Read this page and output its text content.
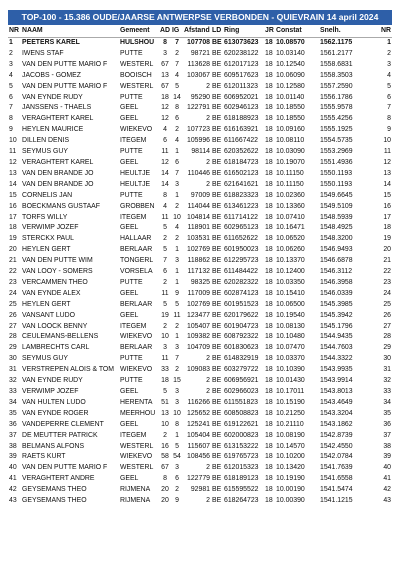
TOP-100 - 15.386 OUDE/JAARSE ANTWERPSE VERBONDEN - QUIEVRAIN 14 april 2024
NR	NAAM	Gemeent	AD	IG	Afstand	LD	Ring	JR	Constat	Snelh.	NR
1	PEETERS KAREL	HULSHOU	8	7	107708	BE	613073623	18	10.08570	1562.1175	1
2	IWENS STAF	PUTTE	3	2	98721	BE	620238122	18	10.03140	1561.2177	2
3	VAN DEN PUTTE MARIO F	WESTERL	67	7	113628	BE	612017123	18	10.12540	1558.6831	3
4	JACOBS - GOMEZ	BOOISCH	13	4	103067	BE	609517623	18	10.06090	1558.3503	4
5	VAN DEN PUTTE MARIO F	WESTERL	67	5	2	BE	612011323	18	10.12580	1557.2590	5
6	VAN EYNDE RUDY	PUTTE	18	14	95290	BE	606952021	18	10.01140	1556.1786	6
7	JANSSENS - THAELS	GEEL	12	8	122791	BE	602946123	18	10.18550	1555.9578	7
8	VERAGHTERT KAREL	GEEL	12	6	2	BE	618188923	18	10.18550	1555.4256	8
9	HEYLEN MAURICE	WIEKEVO	4	2	107723	BE	616163921	18	10.09160	1555.1925	9
10	DILLEN DENIS	ITEGEM	6	4	105996	BE	611667422	18	10.08110	1554.5735	10
11	SEYMUS GUY	PUTTE	11	1	98114	BE	620352622	18	10.03090	1553.2969	11
12	VERAGHTERT KAREL	GEEL	12	6	2	BE	618184723	18	10.19070	1551.4936	12
13	VAN DEN BRANDE JO	HEULTJE	14	7	110446	BE	616502123	18	10.11150	1550.1193	13
14	VAN DEN BRANDE JO	HEULTJE	14	3	2	BE	621641621	18	10.11150	1550.1193	14
15	CORNELIS JAN	PUTTE	8	1	97009	BE	618823323	18	10.02360	1549.6645	15
16	BOECKMANS GUSTAAF	GROBBEN	4	2	114044	BE	613461223	18	10.13360	1549.5109	16
17	TORFS WILLY	ITEGEM	11	10	104814	BE	611714122	18	10.07410	1548.5939	17
18	VERWIMP JOZEF	GEEL	5	4	118901	BE	602965123	18	10.16471	1548.4925	18
19	STERCKX PAUL	HALLAAR	2	2	103531	BE	611652622	18	10.06520	1548.3200	19
20	HEYLEN GERT	BERLAAR	5	1	102769	BE	601950023	18	10.06260	1546.9493	20
21	VAN DEN PUTTE WIM	TONGERL	7	3	118862	BE	612295723	18	10.13370	1546.6878	21
22	VAN LOOY - SOMERS	VORSELA	6	1	117132	BE	611484422	18	10.12400	1546.3112	22
23	VERCAMMEN THEO	PUTTE	2	1	98325	BE	620282322	18	10.03350	1546.3958	23
24	VAN EYNDE ALEX	GEEL	11	9	117009	BE	602874123	18	10.15410	1546.0339	24
25	HEYLEN GERT	BERLAAR	5	5	102769	BE	601951523	18	10.06500	1545.3985	25
26	VANSANT LUDO	GEEL	19	11	123477	BE	620179622	18	10.19540	1545.3942	26
27	VAN LOOCK BENNY	ITEGEM	2	2	105407	BE	601904723	18	10.08130	1545.1796	27
28	CEULEMANS-BELLENS	WIEKEVO	10	1	109382	BE	608792322	18	10.10480	1544.9435	28
29	LAMBRECHTS CARL	BERLAAR	3	3	104709	BE	601830623	18	10.07470	1544.7603	29
30	SEYMUS GUY	PUTTE	11	7	2	BE	614832919	18	10.03370	1544.3322	30
31	VERSTREPEN ALOIS & TOM	WIEKEVO	33	2	109083	BE	603279722	18	10.10390	1543.9935	31
32	VAN EYNDE RUDY	PUTTE	18	15	2	BE	606956921	18	10.01430	1543.9914	32
33	VERWIMP JOZEF	GEEL	5	3	2	BE	602966023	18	10.17011	1543.8013	33
34	VAN HULTEN LUDO	HERENTA	51	3	116266	BE	611551823	18	10.15190	1543.4649	34
35	VAN EYNDE ROGER	MEERHOU	13	10	125652	BE	608508823	18	10.21250	1543.3204	35
36	VANDEPERRE CLEMENT	GEEL	10	8	125241	BE	619122621	18	10.21110	1543.1862	36
37	DE MEUTTER PATRICK	ITEGEM	2	1	105404	BE	602000823	18	10.08190	1542.8739	37
38	BELMANS ALFONS	WESTERL	16	5	115607	BE	613153222	18	10.14570	1542.4550	38
39	RAETS KURT	WIEKEVO	58	54	108456	BE	619765723	18	10.10200	1542.0784	39
40	VAN DEN PUTTE MARIO F	WESTERL	67	3	2	BE	612015323	18	10.13420	1541.7639	40
41	VERAGHTERT ANDRE	GEEL	8	6	122779	BE	618189123	18	10.19190	1541.6558	41
42	GEYSEMANS THEO	RIJMENA	20	2	92981	BE	615595522	18	10.00190	1541.5474	42
43	GEYSEMANS THEO	RIJMENA	20	9	2	BE	618264723	18	10.00390	1541.1215	43
